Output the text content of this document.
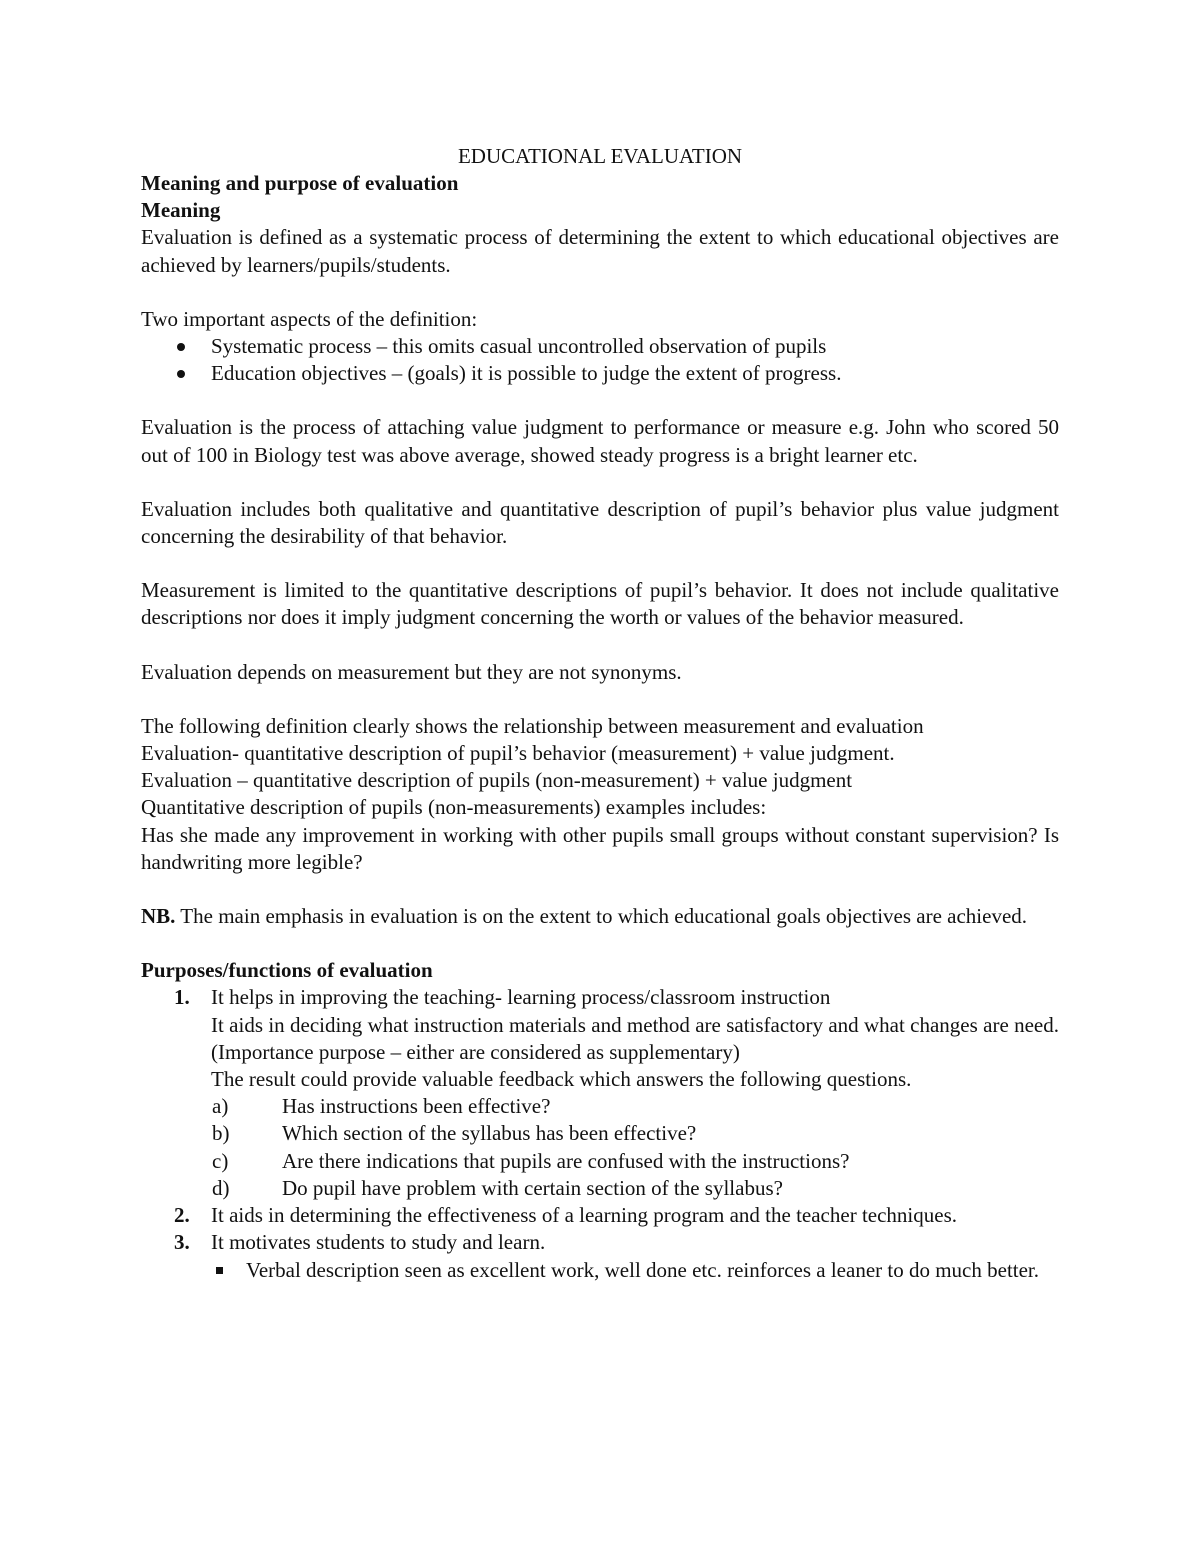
EDUCATIONAL EVALUATION

Meaning and purpose of evaluation

Meaning

Evaluation is defined as a systematic process of determining the extent to which educational objectives are achieved by learners/pupils/students.

Two important aspects of the definition:

Systematic process – this omits casual uncontrolled observation of pupils
Education objectives – (goals) it is possible to judge the extent of progress.

Evaluation is the process of attaching value judgment to performance or measure e.g. John who scored 50 out of 100 in Biology test was above average, showed steady progress is a bright learner etc.

Evaluation includes both qualitative and quantitative description of pupil’s behavior plus value judgment concerning the desirability of that behavior.

Measurement is limited to the quantitative descriptions of pupil’s behavior. It does not include qualitative descriptions nor does it imply judgment concerning the worth or values of the behavior measured.

Evaluation depends on measurement but they are not synonyms.

The following definition clearly shows the relationship between measurement and evaluation

Evaluation- quantitative description of pupil’s behavior (measurement) + value judgment.

Evaluation – quantitative description of pupils (non-measurement) + value judgment

Quantitative description of pupils (non-measurements) examples includes:

Has she made any improvement in working with other pupils small groups without constant supervision? Is handwriting more legible?

NB. The main emphasis in evaluation is on the extent to which educational goals objectives are achieved.

Purposes/functions of evaluation

1. It helps in improving the teaching- learning process/classroom instruction

It aids in deciding what instruction materials and method are satisfactory and what changes are need. (Importance purpose – either are considered as supplementary)

The result could provide valuable feedback which answers the following questions.

a)	Has instructions been effective?
b)	Which section of the syllabus has been effective?
c)	Are there indications that pupils are confused with the instructions?
d)	Do pupil have problem with certain section of the syllabus?
2. It aids in determining the effectiveness of a learning program and the teacher techniques.

3. It motivates students to study and learn.

Verbal description seen as excellent work, well done etc. reinforces a leaner to do much better.
